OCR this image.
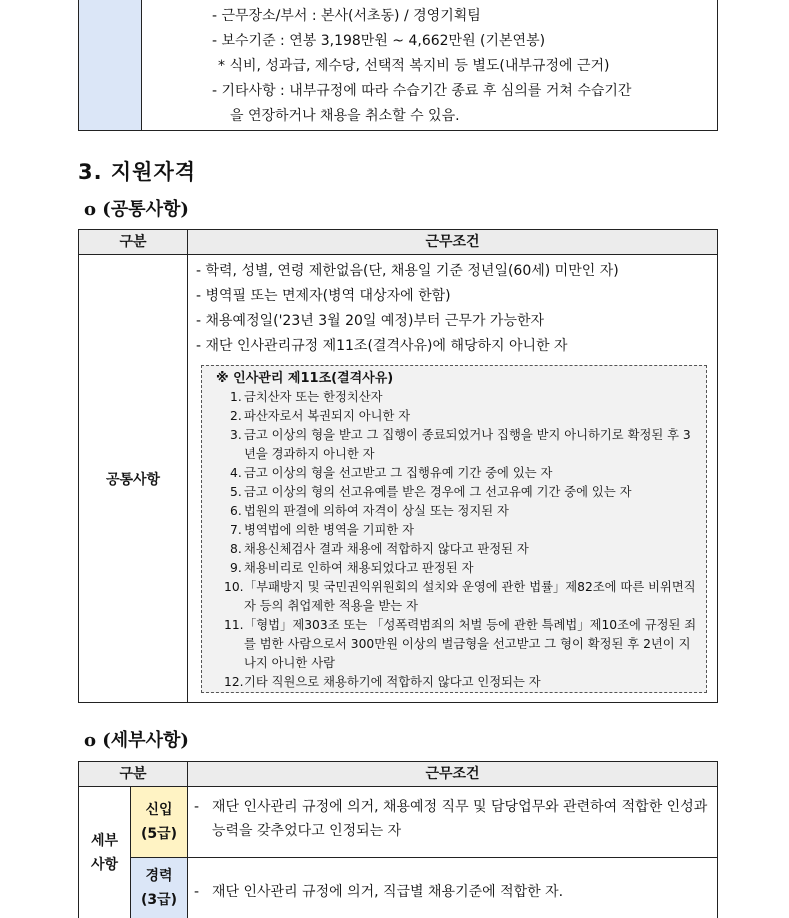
- 근무장소/부서 : 본사(서초동) / 경영기획팀
- 보수기준 : 연봉 3,198만원 ~ 4,662만원 (기본연봉)
* 식비, 성과급, 제수당, 선택적 복지비 등 별도(내부규정에 근거)
- 기타사항 : 내부규정에 따라 수습기간 종료 후 심의를 거쳐 수습기간
을 연장하거나 채용을 취소할 수 있음.
3. 지원자격
o (공통사항)
구분	근무조건
공통사항
- 학력, 성별, 연령 제한없음(단, 채용일 기준 정년일(60세) 미만인 자)
- 병역필 또는 면제자(병역 대상자에 한함)
- 채용예정일('23년 3월 20일 예정)부터 근무가 가능한자
- 재단 인사관리규정 제11조(결격사유)에 해당하지 아니한 자
※ 인사관리 제11조(결격사유)
1. 금치산자 또는 한정치산자
2. 파산자로서 복권되지 아니한 자
3. 금고 이상의 형을 받고 그 집행이 종료되었거나 집행을 받지 아니하기로 확정된 후 3년을 경과하지 아니한 자
4. 금고 이상의 형을 선고받고 그 집행유예 기간 중에 있는 자
5. 금고 이상의 형의 선고유예를 받은 경우에 그 선고유예 기간 중에 있는 자
6. 법원의 판결에 의하여 자격이 상실 또는 정지된 자
7. 병역법에 의한 병역을 기피한 자
8. 채용신체검사 결과 채용에 적합하지 않다고 판정된 자
9. 채용비리로 인하여 채용되었다고 판정된 자
10.「부패방지 및 국민권익위원회의 설치와 운영에 관한 법률」제82조에 따른 비위면직자 등의 취업제한 적용을 받는 자
11.「형법」제303조 또는 「성폭력범죄의 처벌 등에 관한 특례법」제10조에 규정된 죄를 범한 사람으로서 300만원 이상의 벌금형을 선고받고 그 형이 확정된 후 2년이 지나지 아니한 사람
12.기타 직원으로 채용하기에 적합하지 않다고 인정되는 자
o (세부사항)
구분	근무조건
세부
사항
신입
(5급)
- 재단 인사관리 규정에 의거, 채용예정 직무 및 담당업무와 관련하여 적합한 인성과 능력을 갖추었다고 인정되는 자
경력
(3급) - 재단 인사관리 규정에 의거, 직급별 채용기준에 적합한 자.
